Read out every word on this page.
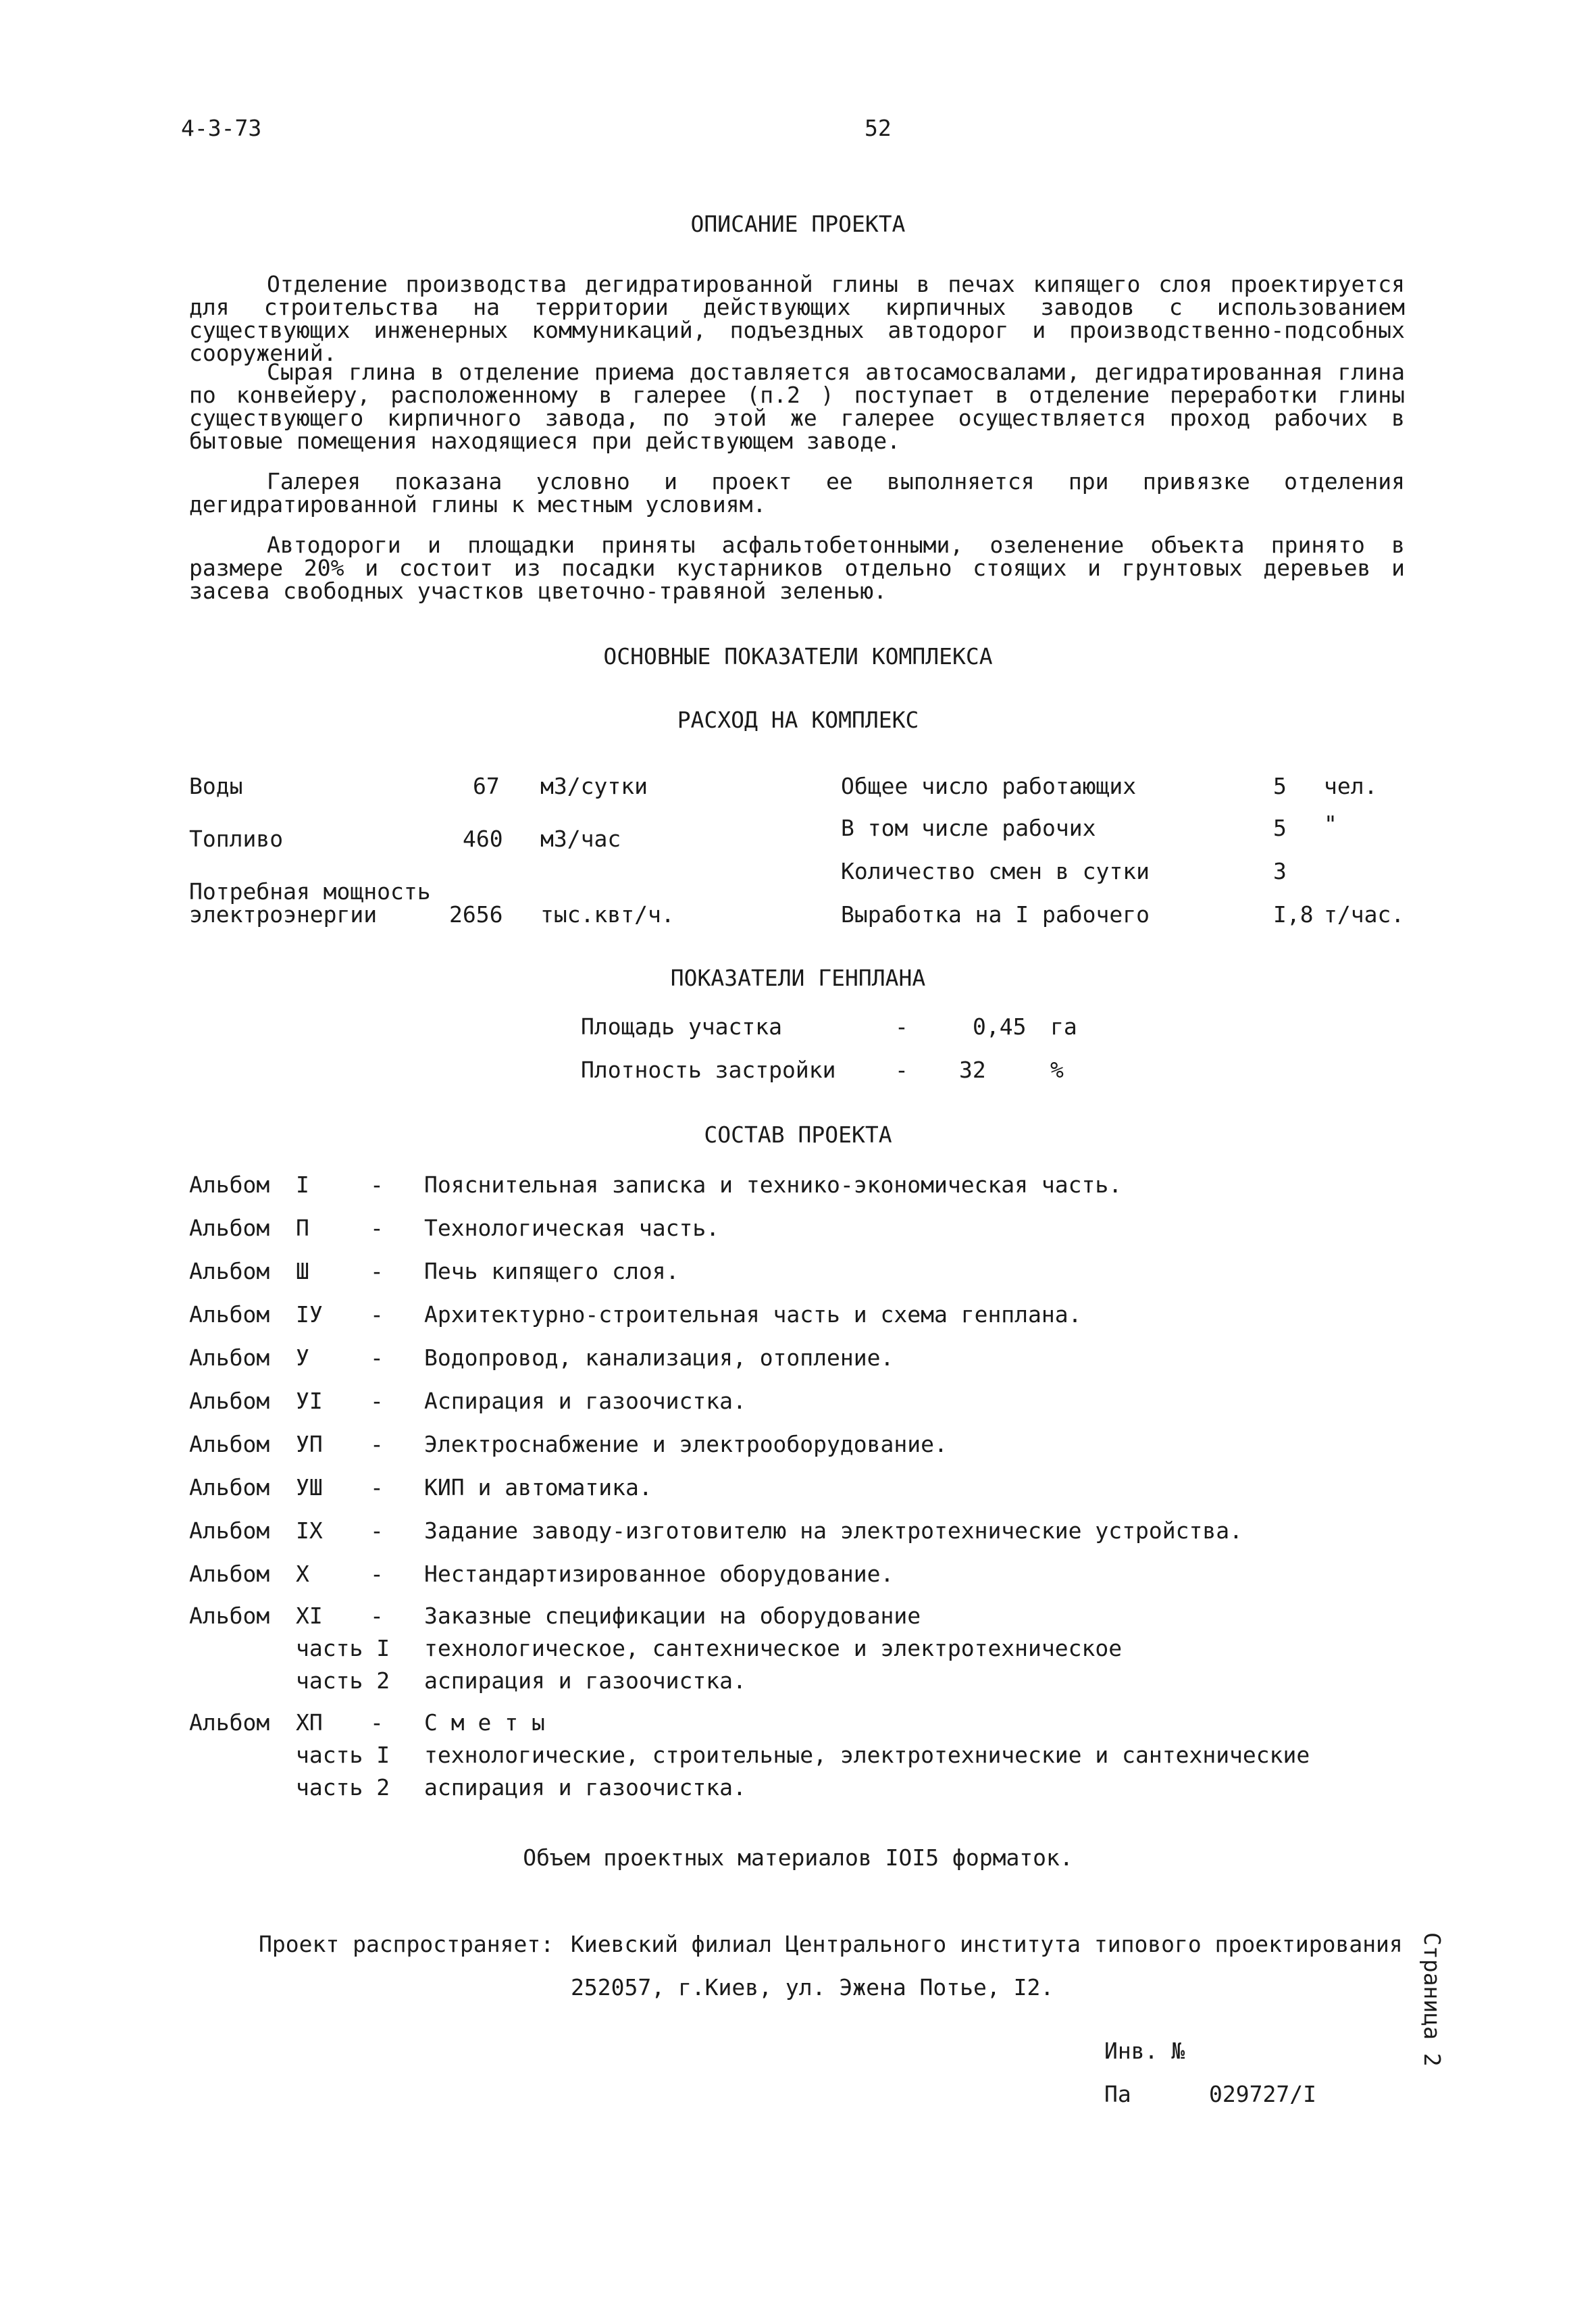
4-3-73	52
ОПИСАНИЕ ПРОЕКТА
Отделение производства дегидратированной глины в печах кипящего слоя проектируется для строительства на территории действующих кирпичных заводов с использованием существующих инженерных коммуникаций, подъездных автодорог и производственно-подсобных сооружений.
Сырая глина в отделение приема доставляется автосамосвалами, дегидратированная глина по конвейеру, расположенному в галерее (п.2 ) поступает в отделение переработки глины существующего кирпичного завода, по этой же галерее осуществляется проход рабочих в бытовые помещения находящиеся при действующем заводе.
Галерея показана условно и проект ее выполняется при привязке отделения дегидратированной глины к местным условиям.
Автодороги и площадки приняты асфальтобетонными, озеленение объекта принято в размере 20% и состоит из посадки кустарников отдельно стоящих и грунтовых деревьев и засева свободных участков цветочно-травяной зеленью.
ОСНОВНЫЕ ПОКАЗАТЕЛИ КОМПЛЕКСА
РАСХОД НА КОМПЛЕКС
Воды	67 м3/сутки
Топливо	460 м3/час
Потребная мощность
электроэнергии	2656 тыс.квт/ч.
Общее число работающих	5 чел.
В том числе рабочих	5 "
Количество смен в сутки	3
Выработка на I рабочего	I,8 т/час.
ПОКАЗАТЕЛИ ГЕНПЛАНА
Площадь участка	-	0,45 га
Плотность застройки	- 32	%
СОСТАВ ПРОЕКТА
Альбом I	- Пояснительная записка и технико-экономическая часть.
Альбом П	- Технологическая часть.
Альбом Ш	- Печь кипящего слоя.
Альбом IУ - Архитектурно-строительная часть и схема генплана.
Альбом У	- Водопровод, канализация, отопление.
Альбом УI - Аспирация и газоочистка.
Альбом УП - Электроснабжение и электрооборудование.
Альбом УШ - КИП и автоматика.
Альбом IX - Задание заводу-изготовителю на электротехнические устройства.
Альбом X	- Нестандартизированное оборудование.
Альбом XI - Заказные спецификации на оборудование
часть I технологическое, сантехническое и электротехническое
часть 2 аспирация и газоочистка.
Альбом ХП - С м е т ы
часть I технологические, строительные, электротехнические и сантехнические
часть 2 аспирация и газоочистка.
Объем проектных материалов IOI5 форматок.
Проект распространяет: Киевский филиал Центрального института типового проектирования
252057, г.Киев, ул. Эжена Потье, I2.
Инв. №
Па	029727/I
Страница 2
